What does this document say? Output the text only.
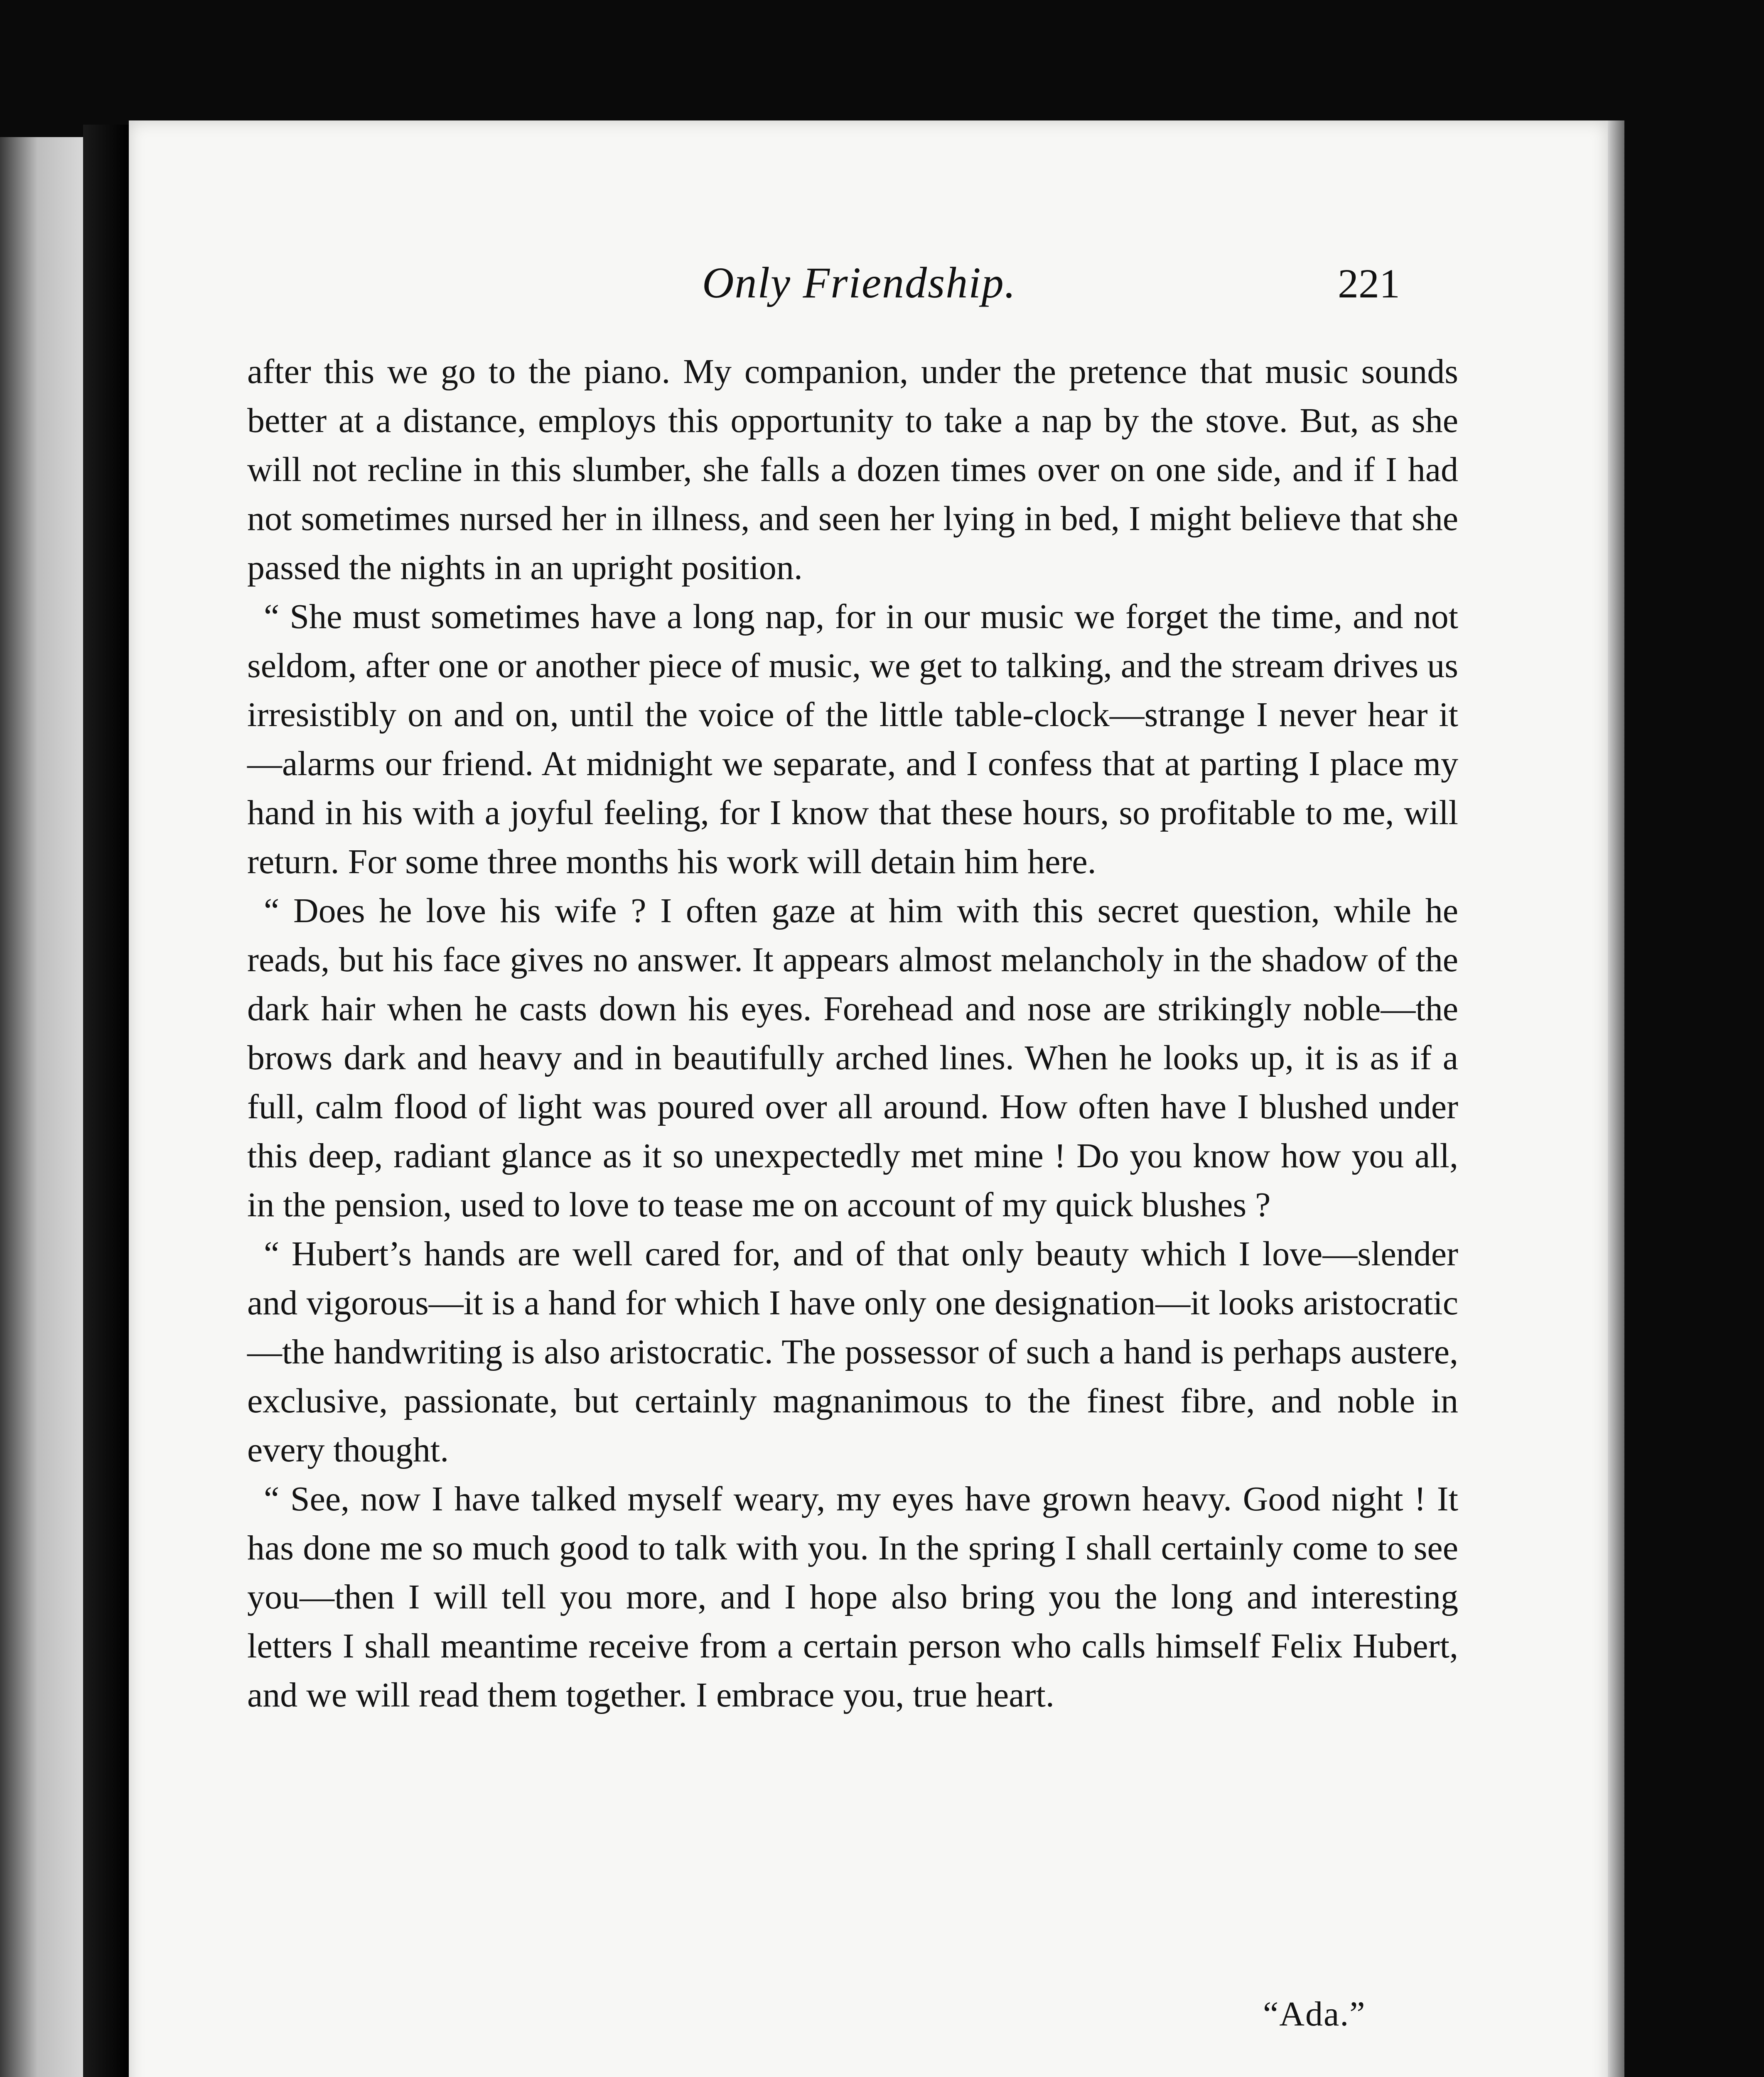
Only Friendship.	221

after this we go to the piano. My companion, under the pretence that music sounds better at a distance, employs this opportunity to take a nap by the stove. But, as she will not recline in this slumber, she falls a dozen times over on one side, and if I had not sometimes nursed her in illness, and seen her lying in bed, I might believe that she passed the nights in an upright position.

“ She must sometimes have a long nap, for in our music we forget the time, and not seldom, after one or another piece of music, we get to talking, and the stream drives us irresistibly on and on, until the voice of the little table-clock—strange I never hear it—alarms our friend. At midnight we separate, and I confess that at parting I place my hand in his with a joyful feeling, for I know that these hours, so profitable to me, will return. For some three months his work will detain him here.

“ Does he love his wife ? I often gaze at him with this secret question, while he reads, but his face gives no answer. It appears almost melancholy in the shadow of the dark hair when he casts down his eyes. Forehead and nose are strikingly noble—the brows dark and heavy and in beautifully arched lines. When he looks up, it is as if a full, calm flood of light was poured over all around. How often have I blushed under this deep, radiant glance as it so unexpectedly met mine ! Do you know how you all, in the pension, used to love to tease me on account of my quick blushes ?

“ Hubert’s hands are well cared for, and of that only beauty which I love—slender and vigorous—it is a hand for which I have only one designation—it looks aristocratic—the handwriting is also aristocratic. The possessor of such a hand is perhaps austere, exclusive, passionate, but certainly magnanimous to the finest fibre, and noble in every thought.

“ See, now I have talked myself weary, my eyes have grown heavy. Good night ! It has done me so much good to talk with you. In the spring I shall certainly come to see you—then I will tell you more, and I hope also bring you the long and interesting letters I shall meantime receive from a certain person who calls himself Felix Hubert, and we will read them together. I embrace you, true heart.

“Ada.”
